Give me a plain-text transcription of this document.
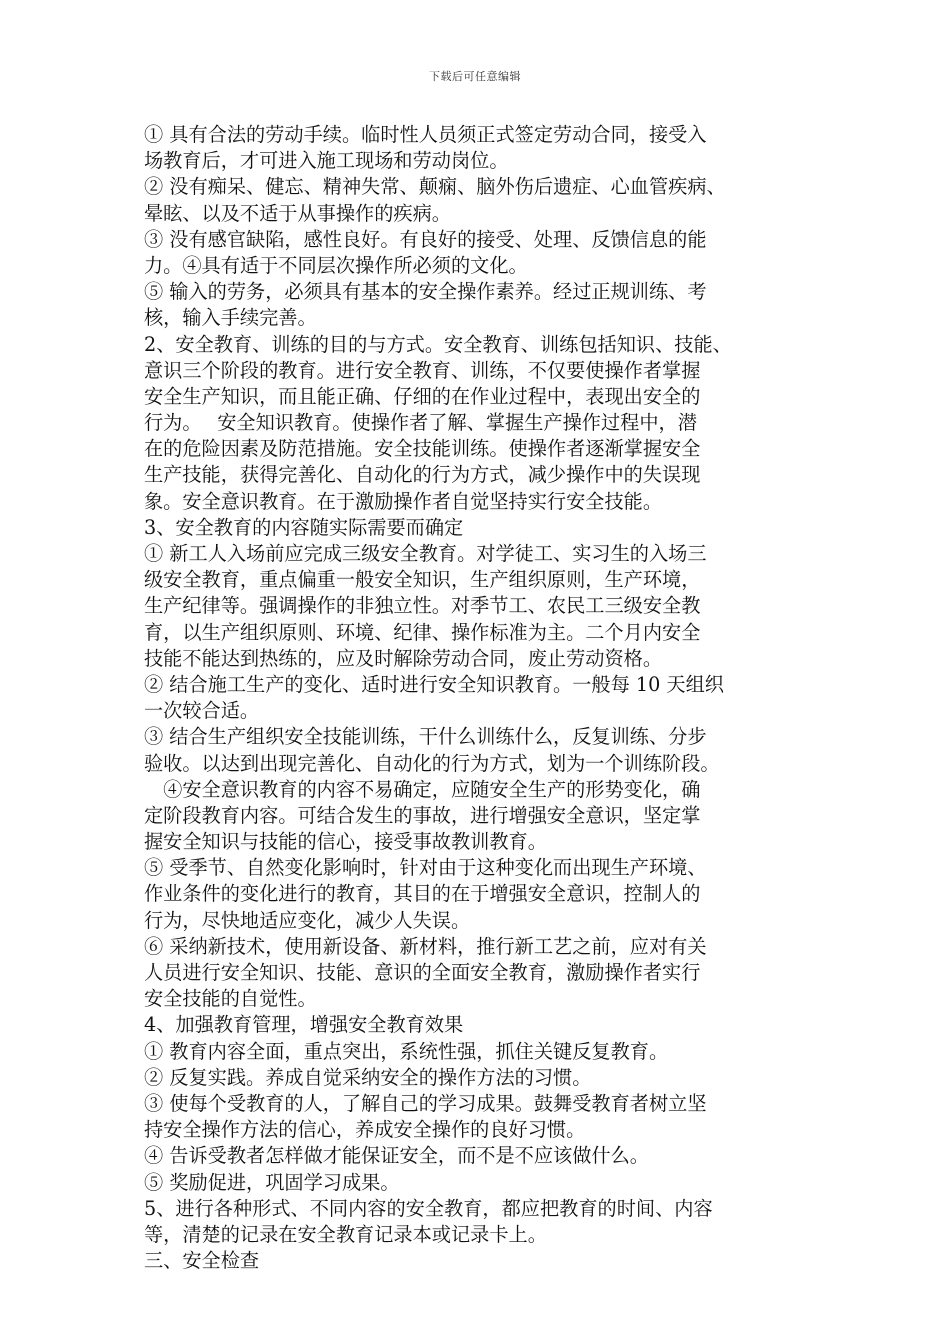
下载后可任意编辑
① 具有合法的劳动手续。临时性人员须正式签定劳动合同，接受入
场教育后，才可进入施工现场和劳动岗位。
② 没有痴呆、健忘、精神失常、颠痫、脑外伤后遗症、心血管疾病、
晕眩、以及不适于从事操作的疾病。
③ 没有感官缺陷，感性良好。有良好的接受、处理、反馈信息的能
力。④具有适于不同层次操作所必须的文化。
⑤ 输入的劳务，必须具有基本的安全操作素养。经过正规训练、考
核，输入手续完善。
2、安全教育、训练的目的与方式。安全教育、训练包括知识、技能、
意识三个阶段的教育。进行安全教育、训练，不仅要使操作者掌握
安全生产知识，而且能正确、仔细的在作业过程中，表现出安全的
行为。　 安全知识教育。使操作者了解、掌握生产操作过程中，潜
在的危险因素及防范措施。安全技能训练。使操作者逐渐掌握安全
生产技能，获得完善化、自动化的行为方式，减少操作中的失误现
象。安全意识教育。在于激励操作者自觉坚持实行安全技能。
3、安全教育的内容随实际需要而确定
① 新工人入场前应完成三级安全教育。对学徒工、实习生的入场三
级安全教育，重点偏重一般安全知识，生产组织原则，生产环境，
生产纪律等。强调操作的非独立性。对季节工、农民工三级安全教
育，以生产组织原则、环境、纪律、操作标准为主。二个月内安全
技能不能达到热练的，应及时解除劳动合同，废止劳动资格。
② 结合施工生产的变化、适时进行安全知识教育。一般每 10 天组织
一次较合适。
③ 结合生产组织安全技能训练，干什么训练什么，反复训练、分步
验收。以达到出现完善化、自动化的行为方式，划为一个训练阶段。
　④安全意识教育的内容不易确定，应随安全生产的形势变化，确
定阶段教育内容。可结合发生的事故，进行增强安全意识，坚定掌
握安全知识与技能的信心，接受事故教训教育。
⑤ 受季节、自然变化影响时，针对由于这种变化而出现生产环境、
作业条件的变化进行的教育，其目的在于增强安全意识，控制人的
行为，尽快地适应变化，减少人失误。
⑥ 采纳新技术，使用新设备、新材料，推行新工艺之前，应对有关
人员进行安全知识、技能、意识的全面安全教育，激励操作者实行
安全技能的自觉性。
4、加强教育管理，增强安全教育效果
① 教育内容全面，重点突出，系统性强，抓住关键反复教育。
② 反复实践。养成自觉采纳安全的操作方法的习惯。
③ 使每个受教育的人，了解自己的学习成果。鼓舞受教育者树立坚
持安全操作方法的信心，养成安全操作的良好习惯。
④ 告诉受教者怎样做才能保证安全，而不是不应该做什么。
⑤ 奖励促进，巩固学习成果。
5、进行各种形式、不同内容的安全教育，都应把教育的时间、内容
等，清楚的记录在安全教育记录本或记录卡上。
三、安全检查
